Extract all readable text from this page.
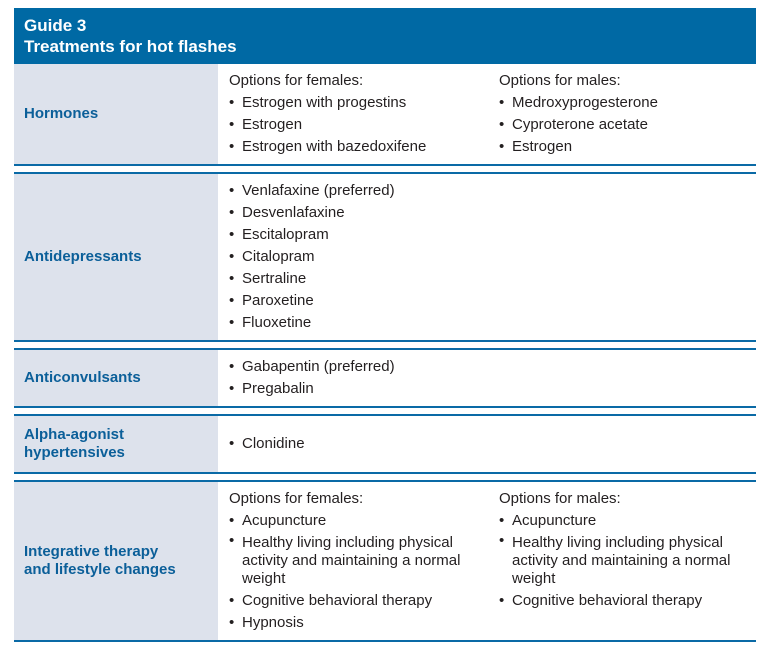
Guide 3
Treatments for hot flashes
Hormones
Options for females:
• Estrogen with progestins
• Estrogen
• Estrogen with bazedoxifene
Options for males:
• Medroxyprogesterone
• Cyproterone acetate
• Estrogen
Antidepressants
• Venlafaxine (preferred)
• Desvenlafaxine
• Escitalopram
• Citalopram
• Sertraline
• Paroxetine
• Fluoxetine
Anticonvulsants
• Gabapentin (preferred)
• Pregabalin
Alpha-agonist
hypertensives
• Clonidine
Integrative therapy
and lifestyle changes
Options for females:
• Acupuncture
• Healthy living including physical activity and maintaining a normal weight
• Cognitive behavioral therapy
• Hypnosis
Options for males:
• Acupuncture
• Healthy living including physical activity and maintaining a normal weight
• Cognitive behavioral therapy
